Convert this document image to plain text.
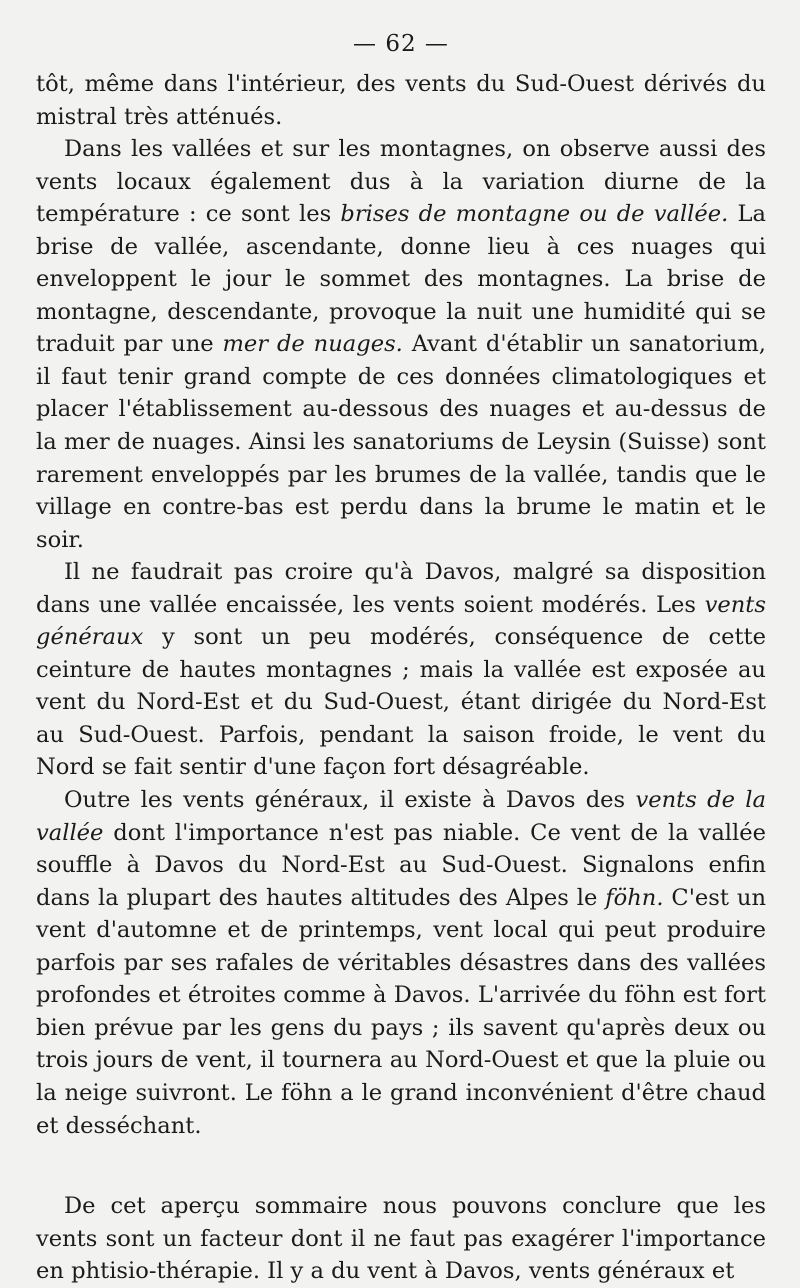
— 62 —

tôt, même dans l'intérieur, des vents du Sud-Ouest dérivés du mistral très atténués.

Dans les vallées et sur les montagnes, on observe aussi des vents locaux également dus à la variation diurne de la température : ce sont les brises de montagne ou de vallée. La brise de vallée, ascendante, donne lieu à ces nuages qui enveloppent le jour le sommet des montagnes. La brise de montagne, descendante, provoque la nuit une humidité qui se traduit par une mer de nuages. Avant d'établir un sanatorium, il faut tenir grand compte de ces données climatologiques et placer l'établissement au-dessous des nuages et au-dessus de la mer de nuages. Ainsi les sanatoriums de Leysin (Suisse) sont rarement enveloppés par les brumes de la vallée, tandis que le village en contre-bas est perdu dans la brume le matin et le soir.

Il ne faudrait pas croire qu'à Davos, malgré sa disposition dans une vallée encaissée, les vents soient modérés. Les vents généraux y sont un peu modérés, conséquence de cette ceinture de hautes montagnes ; mais la vallée est exposée au vent du Nord-Est et du Sud-Ouest, étant dirigée du Nord-Est au Sud-Ouest. Parfois, pendant la saison froide, le vent du Nord se fait sentir d'une façon fort désagréable.

Outre les vents généraux, il existe à Davos des vents de la vallée dont l'importance n'est pas niable. Ce vent de la vallée souffle à Davos du Nord-Est au Sud-Ouest. Signalons enfin dans la plupart des hautes altitudes des Alpes le föhn. C'est un vent d'automne et de printemps, vent local qui peut produire parfois par ses rafales de véritables désastres dans des vallées profondes et étroites comme à Davos. L'arrivée du föhn est fort bien prévue par les gens du pays ; ils savent qu'après deux ou trois jours de vent, il tournera au Nord-Ouest et que la pluie ou la neige suivront. Le föhn a le grand inconvénient d'être chaud et desséchant.

De cet aperçu sommaire nous pouvons conclure que les vents sont un facteur dont il ne faut pas exagérer l'importance en phtisio-thérapie. Il y a du vent à Davos, vents généraux et
